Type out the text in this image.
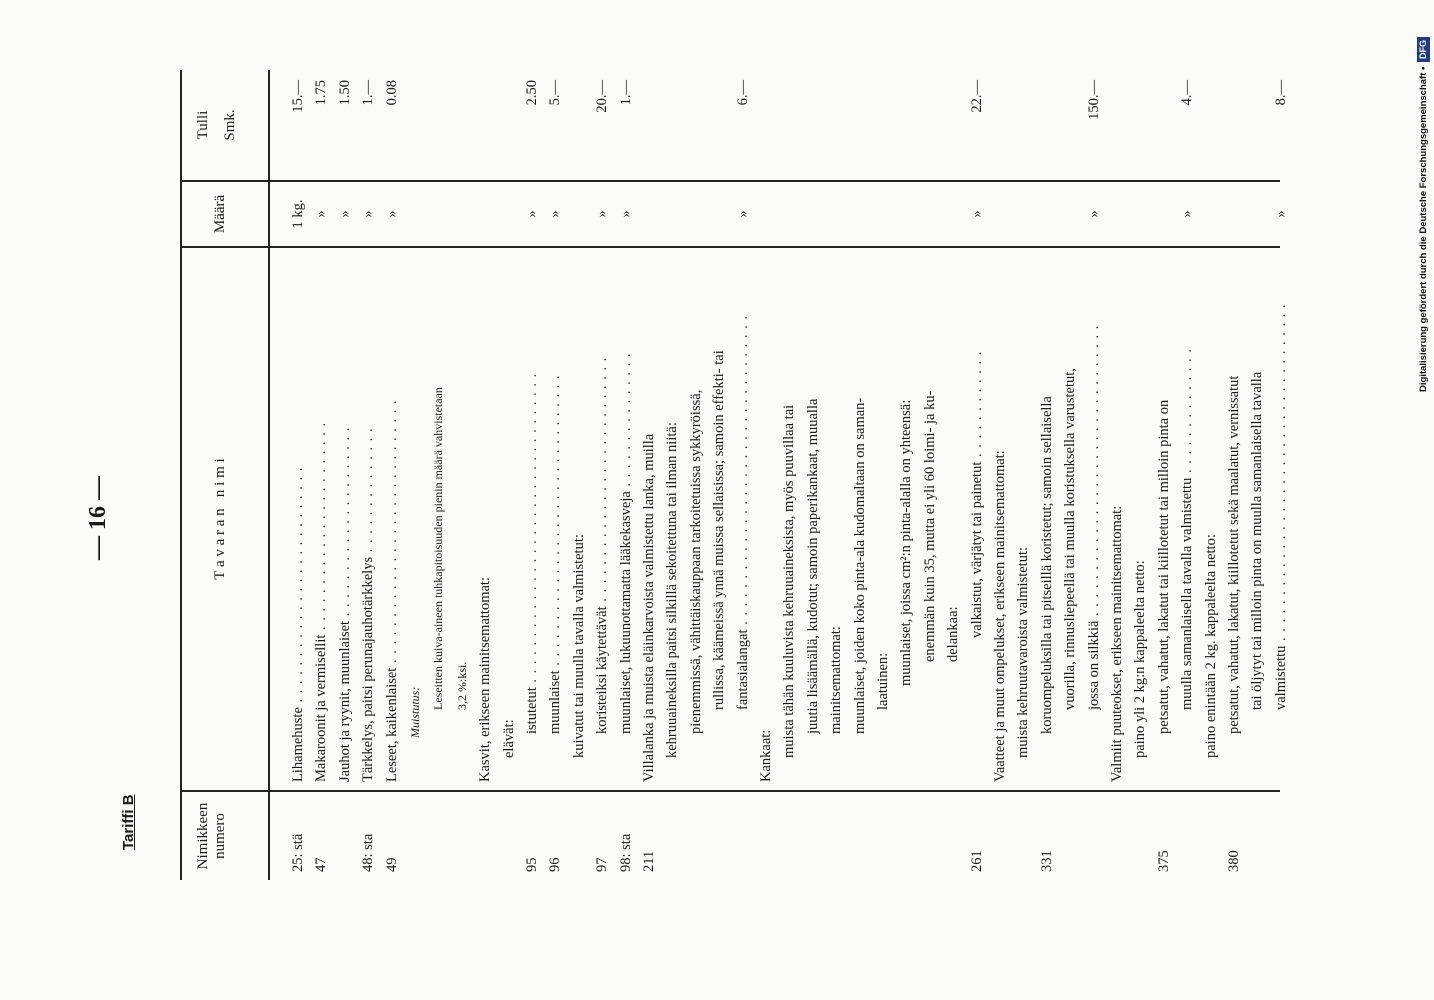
Digitalisierung gefördert durch die Deutsche Forschungsgemeinschaft • DFG
— 16 —
Tariffi B	Nimikkeen numero
T a v a r a n   n i m i
Määrä
Tulli Smk.
25: stä
Lihamehuste . . . . . . . . . . . . . . . . . . . . . . . . . .
1 kg.
15.—
47
Makaroonit ja vermisellit . . . . . . . . . . . . . . . . . . . . . . .
»
1.75
Jauhot ja ryynit, muunlaiset . . . . . . . . . . . . . . . . . . . . .
»
1.50
48: sta
Tärkkelys, paitsi perunajauhotärkkelys . . . . . . . . . . . . . .
»
1.—
49
Leseet, kaikenlaiset . . . . . . . . . . . . . . . . . . . . . . . . . . . . .
»
0.08
Muistutus:
Leseitten kuiva-aineen tuhkapitoisuuden pienin määrä vahvistetaan 3,2 %:ksi. Kasvit, erikseen mainitsemattomat: elävät:
95
istutetut . . . . . . . . . . . . . . . . . . . . . . . . . . . . . . . . . .
»
2.50
96
muunlaiset . . . . . . . . . . . . . . . . . . . . . . . . . . . . . . . .
»
5.—
kuivatut tai muulla tavalla valmistetut:
97
koristeiksi käytettävät . . . . . . . . . . . . . . . . . . . . . . . . . . .
»
20.—
98: sta
muunlaiset, lukuunottamatta lääkekasveja . . . . . . . . . . . . . . .
»
1.—
211
Villalanka ja muista eläinkarvoista valmistettu lanka, muilla kehruuaineksilla paitsi silkillä sekoitettuna tai ilman niitä: pienemmissä, vähittäiskauppaan tarkoitetuissa sykkyröissä, rullissa, käämeissä ynnä muissa sellaisissa; samoin effekti- tai fantasialangat . . . . . . . . . . . . . . . . . . . . . . . . . . . . . . . . . .
»
6.—
Kankaat: muista tähän kuuluvista kehruuaineksista, myös puuvillaa tai juutia lisäämällä, kudotut; samoin paperikankaat, muualla mainitsemattomat: muunlaiset, joiden koko pinta-ala kudomaltaan on saman- laatuinen: muunlaiset, joissa cm²:n pinta-alalla on yhteensä: enemmän kuin 35, mutta ei yli 60 loimi- ja ku- delankaa:
261
valkaistut, värjätyt tai painetut . . . . . . . . . . . .
»
22.—
Vaatteet ja muut ompelukset, erikseen mainitsemattomat: muista kehruutavaroista valmistetut:
331
koruompeluksilla tai pitseillä koristetut; samoin sellaisella vuorilla, rinnusliepeellä tai muulla koristuksella varustetut, jossa on silkkiä . . . . . . . . . . . . . . . . . . . . . . . . . . . . . . . .
»
150.—
Valmiit puuteokset, erikseen mainitsemattomat: paino yli 2 kg:n kappaleelta netto:
375
petsatut, vahatut, lakatut tai kiillotetut tai milloin pinta on muulla samanlaisella tavalla valmistettu . . . . . . . . . . . . . .
»
4.—
paino enintään 2 kg. kappaleelta netto:
380
petsatut, vahatut, lakatut, kiillotetut sekä maalatut, vernissatut tai öljytyt tai milloin pinta on muulla samanlaisella tavalla valmistettu . . . . . . . . . . . . . . . . . . . . . . . . . . . . . . . . . . . . .
»
8.—
